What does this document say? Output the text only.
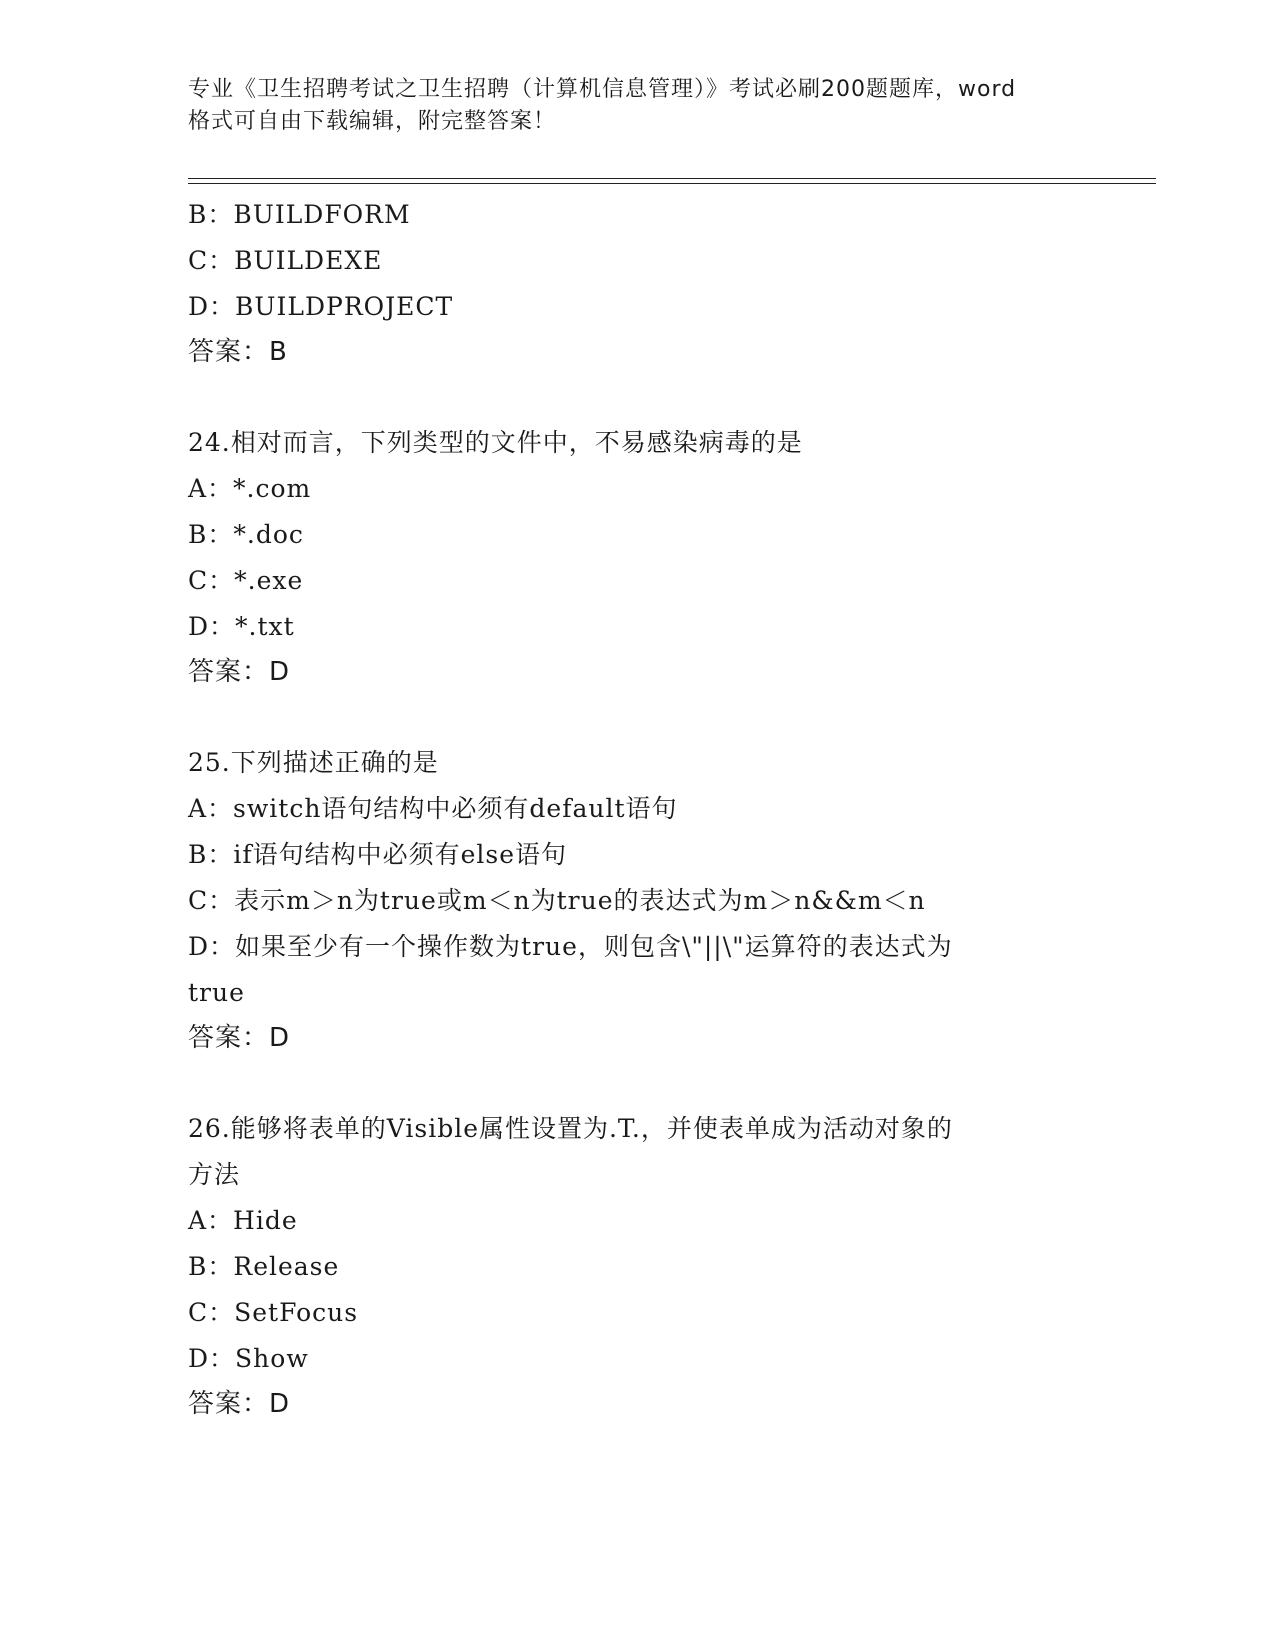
专业《卫生招聘考试之卫生招聘（计算机信息管理）》考试必刷200题题库，word
格式可自由下载编辑，附完整答案！
B：BUILDFORM
C：BUILDEXE
D：BUILDPROJECT
答案：B
24.相对而言，下列类型的文件中，不易感染病毒的是
A：*.com
B：*.doc
C：*.exe
D：*.txt
答案：D
25.下列描述正确的是
A：switch语句结构中必须有default语句
B：if语句结构中必须有else语句
C：表示m＞n为true或m＜n为true的表达式为m＞n&&m＜n
D：如果至少有一个操作数为true，则包含\"||\"运算符的表达式为
true
答案：D
26.能够将表单的Visible属性设置为.T.，并使表单成为活动对象的
方法
A：Hide
B：Release
C：SetFocus
D：Show
答案：D
